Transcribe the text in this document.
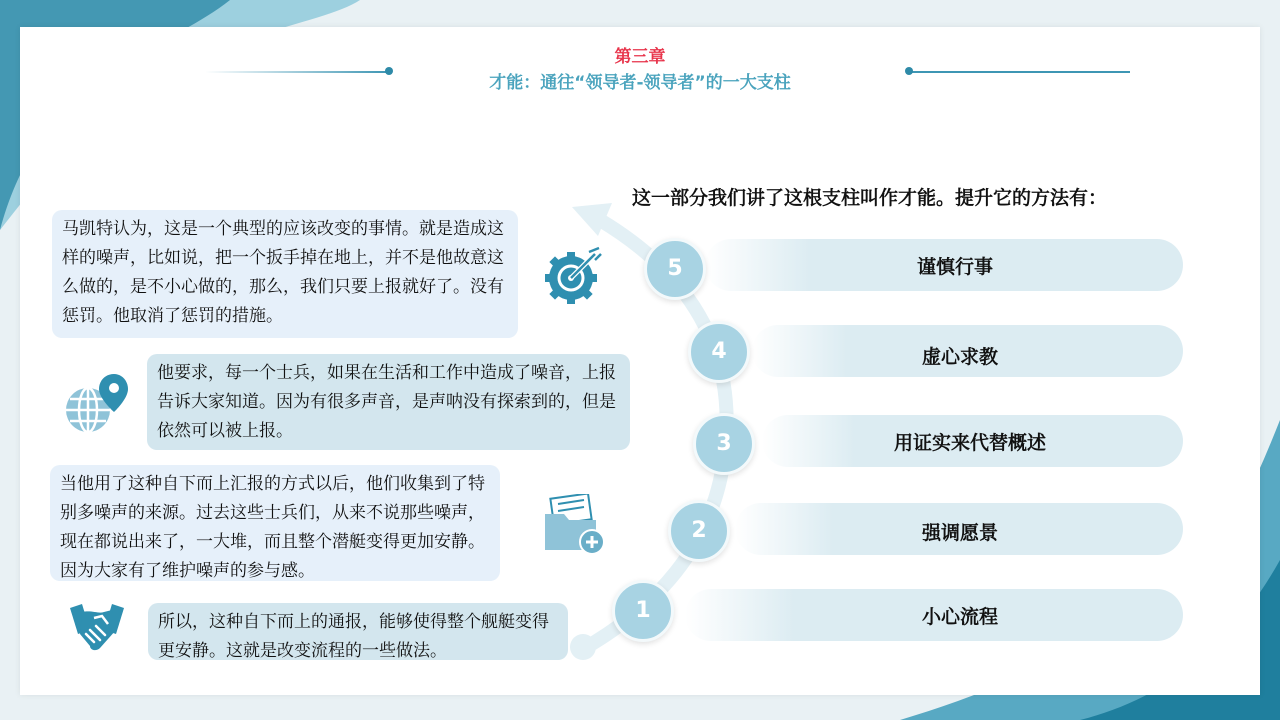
第三章
才能：通往“领导者-领导者”的一大支柱
这一部分我们讲了这根支柱叫作才能。提升它的方法有：
谨慎行事
虚心求教
用证实来代替概述
强调愿景
小心流程
5
4
3
2
1
马凯特认为，这是一个典型的应该改变的事情。就是造成这样的噪声，比如说，把一个扳手掉在地上，并不是他故意这么做的，是不小心做的，那么，我们只要上报就好了。没有惩罚。他取消了惩罚的措施。
他要求，每一个士兵，如果在生活和工作中造成了噪音，上报告诉大家知道。因为有很多声音，是声呐没有探索到的，但是依然可以被上报。
当他用了这种自下而上汇报的方式以后，他们收集到了特别多噪声的来源。过去这些士兵们，从来不说那些噪声，现在都说出来了，一大堆，而且整个潜艇变得更加安静。因为大家有了维护噪声的参与感。
所以，这种自下而上的通报，能够使得整个舰艇变得更安静。这就是改变流程的一些做法。
